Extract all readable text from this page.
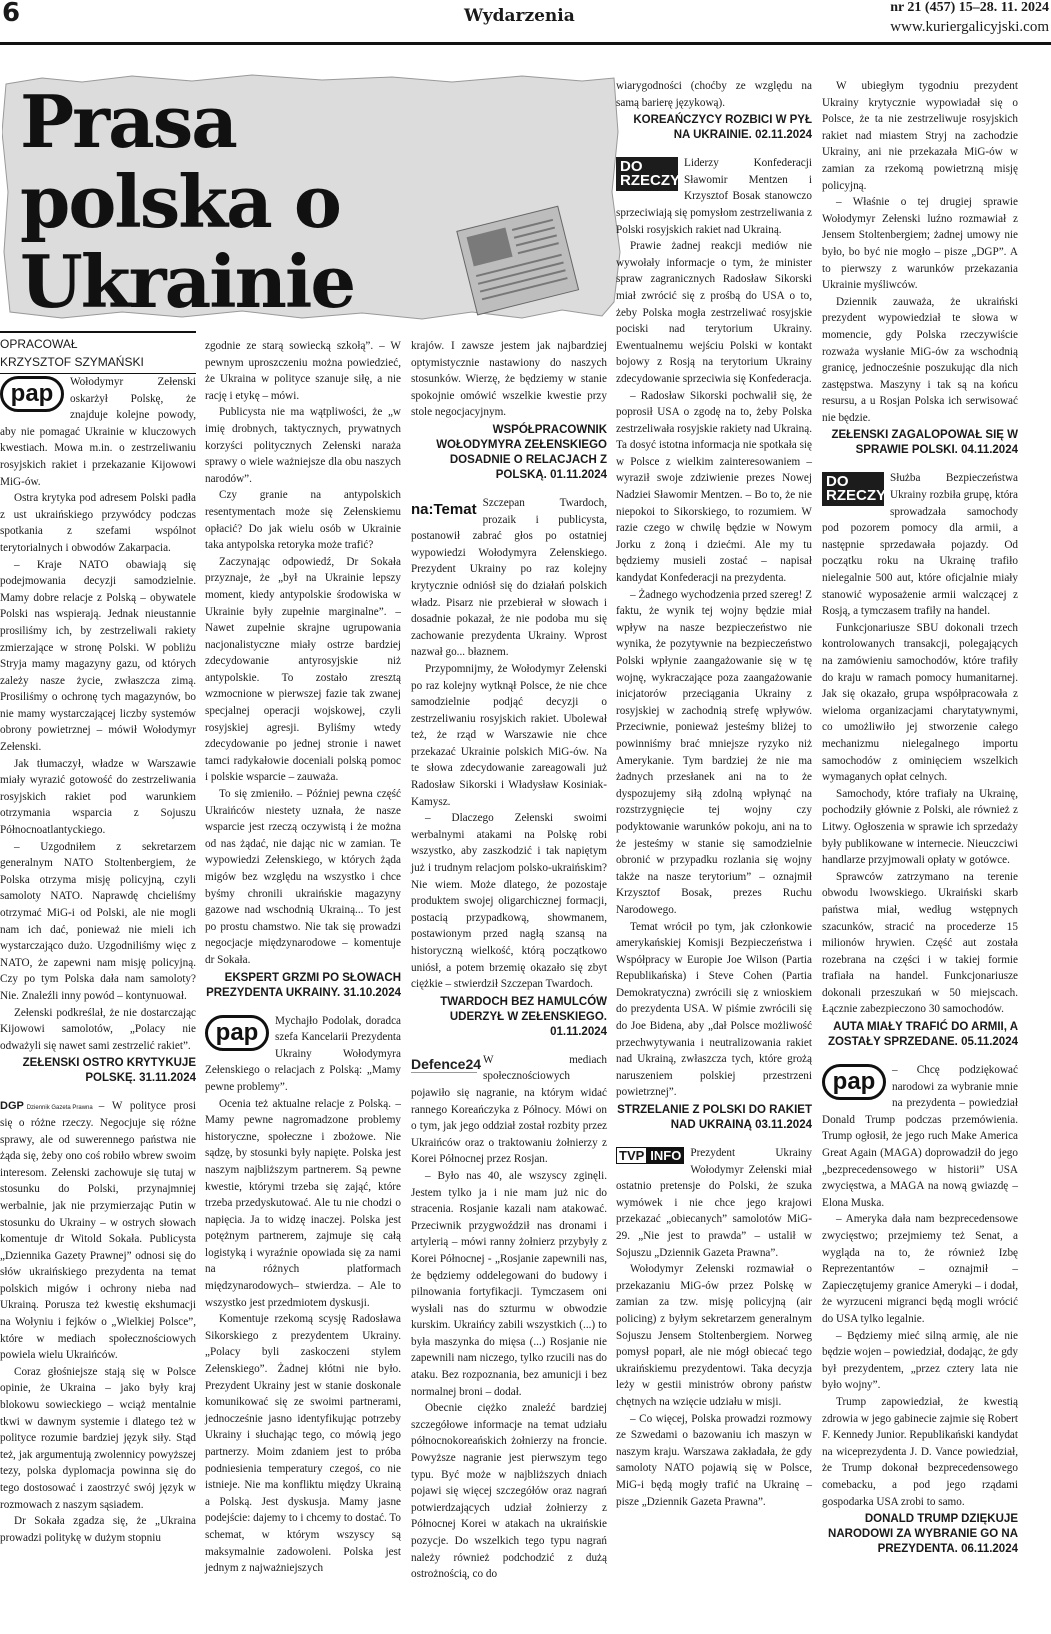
6	Wydarzenia	nr 21 (457) 15–28. 11. 2024
www.kuriergalicyjski.com
Prasa polska o Ukrainie
OPRACOWAŁ
KRZYSZTOF SZYMAŃSKI
pap	Wołodymyr Zełenski oskarżył Polskę, że znajduje kolejne powody, aby nie pomagać Ukrainie w kluczowych kwestiach. Mowa m.in. o zestrzeliwaniu rosyjskich rakiet i przekazanie Kijowowi MiG-ów.

Ostra krytyka pod adresem Polski padła z ust ukraińskiego przywódcy podczas spotkania z szefami wspólnot terytorialnych i obwodów Zakarpacia.

– Kraje NATO obawiają się podejmowania decyzji samodzielnie. Mamy dobre relacje z Polską – obywatele Polski nas wspierają. Jednak nieustannie prosiliśmy ich, by zestrzeliwali rakiety zmierzające w stronę Polski. W pobliżu Stryja mamy magazyny gazu, od których zależy nasze życie, zwłaszcza zimą. Prosiliśmy o ochronę tych magazynów, bo nie mamy wystarczającej liczby systemów obrony powietrznej – mówił Wołodymyr Zełenski.

Jak tłumaczył, władze w Warszawie miały wyrazić gotowość do zestrzeliwania rosyjskich rakiet pod warunkiem otrzymania wsparcia z Sojuszu Północnoatlantyckiego.

– Uzgodniłem z sekretarzem generalnym NATO Stoltenbergiem, że Polska otrzyma misję policyjną, czyli samoloty NATO. Naprawdę chcieliśmy otrzymać MiG-i od Polski, ale nie mogli nam ich dać, ponieważ nie mieli ich wystarczająco dużo. Uzgodniliśmy więc z NATO, że zapewni nam misję policyjną. Czy po tym Polska dała nam samoloty? Nie. Znaleźli inny powód – kontynuował.

Zełenski podkreślał, że nie dostarczając Kijowowi samolotów, „Polacy nie odważyli się nawet sami zestrzelić rakiet”.

ZEŁENSKI OSTRO KRYTYKUJE POLSKĘ. 31.11.2024
DGP Dziennik Gazeta Prawna – W polityce prosi się o różne rzeczy. Negocjuje się różne sprawy, ale od suwerennego państwa nie żąda się, żeby ono coś robiło wbrew swoim interesom. Zełenski zachowuje się tutaj w stosunku do Polski, przynajmniej werbalnie, jak nie przymierzając Putin w stosunku do Ukrainy – w ostrych słowach komentuje dr Witold Sokała. Publicysta „Dziennika Gazety Prawnej” odnosi się do słów ukraińskiego prezydenta na temat polskich migów i ochrony nieba nad Ukrainą. Porusza też kwestię ekshumacji na Wołyniu i fejków o „Wielkiej Polsce”, które w mediach społecznościowych powiela wielu Ukraińców.

Coraz głośniejsze stają się w Polsce opinie, że Ukraina – jako były kraj blokowu sowieckiego – wciąż mentalnie tkwi w dawnym systemie i dlatego też w polityce rozumie bardziej język siły. Stąd też, jak argumentują zwolennicy powyższej tezy, polska dyplomacja powinna się do tego dostosować i zaostrzyć swój język w rozmowach z naszym sąsiadem.

Dr Sokała zgadza się, że „Ukraina prowadzi politykę w dużym stopniu

zgodnie ze starą sowiecką szkołą”. – W pewnym uproszczeniu można powiedzieć, że Ukraina w polityce szanuje siłę, a nie rację i etykę – mówi.

Publicysta nie ma wątpliwości, że „w imię drobnych, taktycznych, prywatnych korzyści politycznych Zełenski naraża sprawy o wiele ważniejsze dla obu naszych narodów”.

Czy granie na antypolskich resentymentach może się Zełenskiemu opłacić? Do jak wielu osób w Ukrainie taka antypolska retoryka może trafić?

Zaczynając odpowiedź, Dr Sokała przyznaje, że „był na Ukrainie lepszy moment, kiedy antypolskie środowiska w Ukrainie były zupełnie marginalne”. – Nawet zupełnie skrajne ugrupowania nacjonalistyczne miały ostrze bardziej zdecydowanie antyrosyjskie niż antypolskie. To zostało zresztą wzmocnione w pierwszej fazie tak zwanej specjalnej operacji wojskowej, czyli rosyjskiej agresji. Byliśmy wtedy zdecydowanie po jednej stronie i nawet tamci radykałowie doceniali polską pomoc i polskie wsparcie – zauważa.

To się zmieniło. – Później pewna część Ukraińców niestety uznała, że nasze wsparcie jest rzeczą oczywistą i że można od nas żądać, nie dając nic w zamian. Te wypowiedzi Zełenskiego, w których żąda migów bez względu na wszystko i chce byśmy chronili ukraińskie magazyny gazowe nad wschodnią Ukrainą... To jest po prostu chamstwo. Nie tak się prowadzi negocjacje międzynarodowe – komentuje dr Sokała.

EKSPERT GRZMI PO SŁOWACH PREZYDENTA UKRAINY. 31.10.2024
pap	Mychajło Podolak, doradca szefa Kancelarii Prezydenta Ukrainy Wołodymyra Zełenskiego o relacjach z Polską: „Mamy pewne problemy”.

Ocenia też aktualne relacje z Polską. – Mamy pewne nagromadzone problemy historyczne, społeczne i zbożowe. Nie sądzę, by stosunki były napięte. Polska jest naszym najbliższym partnerem. Są pewne kwestie, którymi trzeba się zająć, które trzeba przedyskutować. Ale tu nie chodzi o napięcia. Ja to widzę inaczej. Polska jest potężnym partnerem, zajmuje się całą logistyką i wyraźnie opowiada się za nami na różnych platformach międzynarodowych– stwierdza. – Ale to wszystko jest przedmiotem dyskusji.

Komentuje rzekomą scysję Radosława Sikorskiego z prezydentem Ukrainy. „Polacy byli zaskoczeni stylem Zełenskiego”. Żadnej kłótni nie było. Prezydent Ukrainy jest w stanie doskonale komunikować się ze swoimi partnerami, jednocześnie jasno identyfikując potrzeby Ukrainy i słuchając tego, co mówią jego partnerzy. Moim zdaniem jest to próba podniesienia temperatury czegoś, co nie istnieje. Nie ma konfliktu między Ukrainą a Polską. Jest dyskusja. Mamy jasne podejście: dajemy to i chcemy to dostać. To schemat, w którym wszyscy są maksymalnie zadowoleni. Polska jest jednym z najważniejszych

krajów. I zawsze jestem jak najbardziej optymistycznie nastawiony do naszych stosunków. Wierzę, że będziemy w stanie spokojnie omówić wszelkie kwestie przy stole negocjacyjnym.

WSPÓŁPRACOWNIK WOŁODYMYRA ZEŁENSKIEGO DOSADNIE O RELACJACH Z POLSKĄ. 01.11.2024
na:Temat Szczepan Twardoch, prozaik i publicysta, postanowił zabrać głos po ostatniej wypowiedzi Wołodymyra Zełenskiego. Prezydent Ukrainy po raz kolejny krytycznie odniósł się do działań polskich władz. Pisarz nie przebierał w słowach i dosadnie pokazał, że nie podoba mu się zachowanie prezydenta Ukrainy. Wprost nazwał go... błaznem.

Przypomnijmy, że Wołodymyr Zełenski po raz kolejny wytknął Polsce, że nie chce samodzielnie podjąć decyzji o zestrzeliwaniu rosyjskich rakiet. Ubolewał też, że rząd w Warszawie nie chce przekazać Ukrainie polskich MiG-ów. Na te słowa zdecydowanie zareagowali już Radosław Sikorski i Władysław Kosiniak-Kamysz.

– Dlaczego Zełenski swoimi werbalnymi atakami na Polskę robi wszystko, aby zaszkodzić i tak napiętym już i trudnym relacjom polsko-ukraińskim? Nie wiem. Może dlatego, że pozostaje produktem swojej oligarchicznej formacji, postacią przypadkową, showmanem, postawionym przed nagłą szansą na historyczną wielkość, którą początkowo uniósł, a potem brzemię okazało się zbyt ciężkie – stwierdził Szczepan Twardoch.

TWARDOCH BEZ HAMULCÓW UDERZYŁ W ZEŁENSKIEGO. 01.11.2024
Defence24
W mediach społecznościowych pojawiło się nagranie, na którym widać rannego Koreańczyka z Północy. Mówi on o tym, jak jego oddział został rozbity przez Ukraińców oraz o traktowaniu żołnierzy z Korei Północnej przez Rosjan.

– Było nas 40, ale wszyscy zginęli. Jestem tylko ja i nie mam już nic do stracenia. Rosjanie kazali nam atakować. Przeciwnik przygwoździł nas dronami i artylerią – mówi ranny żołnierz przybyły z Korei Północnej - „Rosjanie zapewnili nas, że będziemy oddelegowani do budowy i pilnowania fortyfikacji. Tymczasem oni wysłali nas do szturmu w obwodzie kurskim. Ukraińcy zabili wszystkich (...) to była maszynka do mięsa (...) Rosjanie nie zapewnili nam niczego, tylko rzucili nas do ataku. Bez rozpoznania, bez amunicji i bez normalnej broni – dodał.

Obecnie ciężko znaleźć bardziej szczegółowe informacje na temat udziału północnokoreańskich żołnierzy na froncie. Powyższe nagranie jest pierwszym tego typu. Być może w najbliższych dniach pojawi się więcej szczegółów oraz nagrań potwierdzających udział żołnierzy z Północnej Korei w atakach na ukraińskie pozycje. Do wszelkich tego typu nagrań należy również podchodzić z dużą ostrożnością, co do

wiarygodności (choćby ze względu na samą barierę językową).

KOREAŃCZYCY ROZBICI W PYŁ NA UKRAINIE. 02.11.2024
DO RZECZY

Liderzy Konfederacji Sławomir Mentzen i Krzysztof Bosak stanowczo sprzeciwiają się pomysłom zestrzeliwania z Polski rosyjskich rakiet nad Ukrainą.

Prawie żadnej reakcji mediów nie wywołały informacje o tym, że minister spraw zagranicznych Radosław Sikorski miał zwrócić się z prośbą do USA o to, żeby Polska mogła zestrzeliwać rosyjskie pociski nad terytorium Ukrainy. Ewentualnemu wejściu Polski w kontakt bojowy z Rosją na terytorium Ukrainy zdecydowanie sprzeciwia się Konfederacja.

– Radosław Sikorski pochwalił się, że poprosił USA o zgodę na to, żeby Polska zestrzeliwała rosyjskie rakiety nad Ukrainą. Ta dosyć istotna informacja nie spotkała się w Polsce z wielkim zainteresowaniem – wyraził swoje zdziwienie prezes Nowej Nadziei Sławomir Mentzen. – Bo to, że nie niepokoi to Sikorskiego, to rozumiem. W razie czego w chwilę będzie w Nowym Jorku z żoną i dziećmi. Ale my tu będziemy musieli zostać – napisał kandydat Konfederacji na prezydenta.

– Żadnego wychodzenia przed szereg! Z faktu, że wynik tej wojny będzie miał wpływ na nasze bezpieczeństwo nie wynika, że pozytywnie na bezpieczeństwo Polski wpłynie zaangażowanie się w tę wojnę, wykraczające poza zaangażowanie inicjatorów przeciągania Ukrainy z rosyjskiej w zachodnią strefę wpływów. Przeciwnie, ponieważ jesteśmy bliżej to powinniśmy brać mniejsze ryzyko niż Amerykanie. Tym bardziej że nie ma żadnych przesłanek ani na to że dyspozujemy siłą zdolną wpłynąć na rozstrzygnięcie tej wojny czy podyktowanie warunków pokoju, ani na to że jesteśmy w stanie się samodzielnie obronić w przypadku rozlania się wojny także na nasze terytorium” – oznajmił Krzysztof Bosak, prezes Ruchu Narodowego.

Temat wrócił po tym, jak członkowie amerykańskiej Komisji Bezpieczeństwa i Współpracy w Europie Joe Wilson (Partia Republikańska) i Steve Cohen (Partia Demokratyczna) zwrócili się z wnioskiem do prezydenta USA. W piśmie zwrócili się do Joe Bidena, aby „dał Polsce możliwość przechwytywania i neutralizowania rakiet nad Ukrainą, zwłaszcza tych, które grożą naruszeniem polskiej przestrzeni powietrznej”.

STRZELANIE Z POLSKI DO RAKIET NAD UKRAINĄ 03.11.2024
TVP INFO Prezydent Ukrainy Wołodymyr Zełenski miał ostatnio pretensje do Polski, że szuka wymówek i nie chce jego krajowi przekazać „obiecanych” samolotów MiG-29. „Nie jest to prawda” – ustalił w Sojuszu „Dziennik Gazeta Prawna”.

Wołodymyr Zełenski rozmawiał o przekazaniu MiG-ów przez Polskę w zamian za tzw. misję policyjną (air policing) z byłym sekretarzem generalnym Sojuszu Jensem Stoltenbergiem. Norweg pomysł poparł, ale nie mógł obiecać tego ukraińskiemu prezydentowi. Taka decyzja leży w gestii ministrów obrony państw chętnych na wzięcie udziału w misji.

– Co więcej, Polska prowadzi rozmowy ze Szwedami o bazowaniu ich maszyn w naszym kraju. Warszawa zakładała, że gdy samoloty NATO pojawią się w Polsce, MiG-i będą mogły trafić na Ukrainę – pisze „Dziennik Gazeta Prawna”.

W ubiegłym tygodniu prezydent Ukrainy krytycznie wypowiadał się o Polsce, że ta nie zestrzeliwuje rosyjskich rakiet nad miastem Stryj na zachodzie Ukrainy, ani nie przekazała MiG-ów w zamian za rzekomą powietrzną misję policyjną.

– Właśnie o tej drugiej sprawie Wołodymyr Zełenski luźno rozmawiał z Jensem Stoltenbergiem; żadnej umowy nie było, bo być nie mogło – pisze „DGP”. A to pierwszy z warunków przekazania Ukrainie myśliwców.

Dziennik zauważa, że ukraiński prezydent wypowiedział te słowa w momencie, gdy Polska rzeczywiście rozważa wysłanie MiG-ów za wschodnią granicę, jednocześnie poszukując dla nich zastępstwa. Maszyny i tak są na końcu resursu, a u Rosjan Polska ich serwisować nie będzie.

ZEŁENSKI ZAGALOPOWAŁ SIĘ W SPRAWIE POLSKI. 04.11.2024
DO RZECZY

Służba Bezpieczeństwa Ukrainy rozbiła grupę, która sprowadzała samochody pod pozorem pomocy dla armii, a następnie sprzedawała pojazdy. Od początku roku na Ukrainę trafiło nielegalnie 500 aut, które oficjalnie miały stanowić wyposażenie armii walczącej z Rosją, a tymczasem trafiły na handel.

Funkcjonariusze SBU dokonali trzech kontrolowanych transakcji, polegających na zamówieniu samochodów, które trafiły do kraju w ramach pomocy humanitarnej. Jak się okazało, grupa współpracowała z wieloma organizacjami charytatywnymi, co umożliwiło jej stworzenie całego mechanizmu nielegalnego importu samochodów z ominięciem wszelkich wymaganych opłat celnych.

Samochody, które trafiały na Ukrainę, pochodziły głównie z Polski, ale również z Litwy. Ogłoszenia w sprawie ich sprzedaży były publikowane w internecie. Nieuczciwi handlarze przyjmowali opłaty w gotówce.

Sprawców zatrzymano na terenie obwodu lwowskiego. Ukraiński skarb państwa miał, według wstępnych szacunków, stracić na procederze 15 milionów hrywien. Część aut została rozebrana na części i w takiej formie trafiała na handel. Funkcjonariusze dokonali przeszukań w 50 miejscach. Łącznie zabezpieczono 30 samochodów.

AUTA MIAŁY TRAFIĆ DO ARMII, A ZOSTAŁY SPRZEDANE. 05.11.2024
pap	– Chcę podziękować narodowi za wybranie mnie na prezydenta – powiedział Donald Trump podczas przemówienia. Trump ogłosił, że jego ruch Make America Great Again (MAGA) doprowadził do jego „bezprecedensowego w historii” USA zwycięstwa, a MAGA na nową gwiazdę – Elona Muska.

– Ameryka dała nam bezprecedensowe zwycięstwo; przejmiemy też Senat, a wygląda na to, że również Izbę Reprezentantów – oznajmił – Zapieczętujemy granice Ameryki – i dodał, że wyrzuceni migranci będą mogli wrócić do USA tylko legalnie.

– Będziemy mieć silną armię, ale nie będzie wojen – powiedział, dodając, że gdy był prezydentem, „przez cztery lata nie było wojny”.

Trump zapowiedział, że kwestią zdrowia w jego gabinecie zajmie się Robert F. Kennedy Junior. Republikański kandydat na wiceprezydenta J. D. Vance powiedział, że Trump dokonał bezprecedensowego comebacku, a pod jego rządami gospodarka USA zrobi to samo.

DONALD TRUMP DZIĘKUJE NARODOWI ZA WYBRANIE GO NA PREZYDENTA. 06.11.2024
